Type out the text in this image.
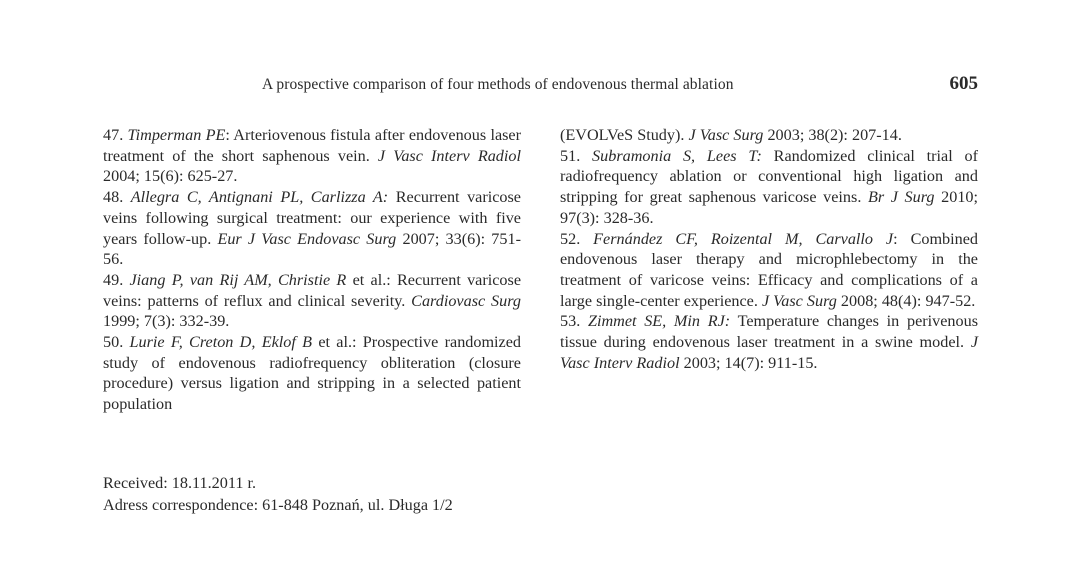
A prospective comparison of four methods of endovenous thermal ablation	605

47. Timperman PE: Arteriovenous fistula after endovenous laser treatment of the short saphenous vein. J Vasc Interv Radiol 2004; 15(6): 625-27.

48. Allegra C, Antignani PL, Carlizza A: Recurrent varicose veins following surgical treatment: our experience with five years follow-up. Eur J Vasc Endovasc Surg 2007; 33(6): 751-56.

49. Jiang P, van Rij AM, Christie R et al.: Recurrent varicose veins: patterns of reflux and clinical severity. Cardiovasc Surg 1999; 7(3): 332-39.

50. Lurie F, Creton D, Eklof B et al.: Prospective randomized study of endovenous radiofrequency obliteration (closure procedure) versus ligation and stripping in a selected patient population

(EVOLVeS Study). J Vasc Surg 2003; 38(2): 207-14.

51. Subramonia S, Lees T: Randomized clinical trial of radiofrequency ablation or conventional high ligation and stripping for great saphenous varicose veins. Br J Surg 2010; 97(3): 328-36.

52. Fernández CF, Roizental M, Carvallo J: Combined endovenous laser therapy and microphlebectomy in the treatment of varicose veins: Efficacy and complications of a large single-center experience. J Vasc Surg 2008; 48(4): 947-52.

53. Zimmet SE, Min RJ: Temperature changes in perivenous tissue during endovenous laser treatment in a swine model. J Vasc Interv Radiol 2003; 14(7): 911-15.

Received: 18.11.2011 r.
Adress correspondence: 61-848 Poznań, ul. Długa 1/2
